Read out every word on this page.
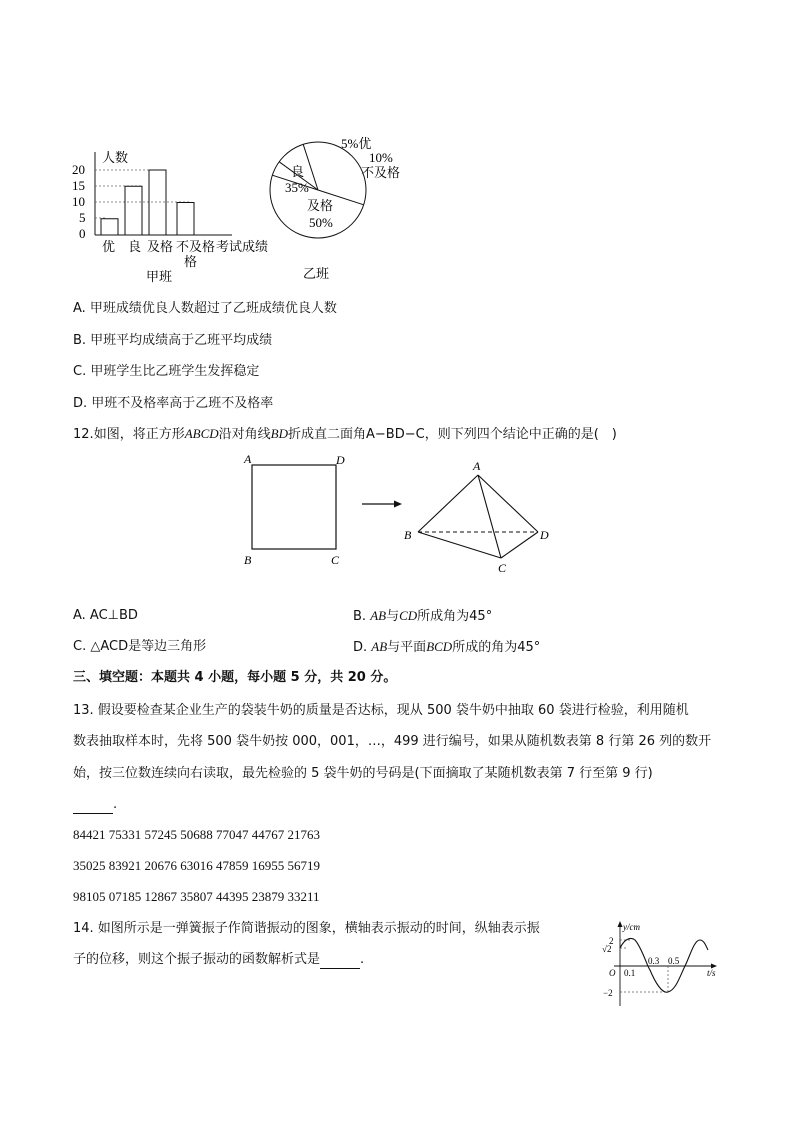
人数
20
15
10
5
0
优 良 及格 不及格 考试成绩
格
甲班
5%优
10%
不及格
良
35%
及格
50%
乙班
A. 甲班成绩优良人数超过了乙班成绩优良人数
B. 甲班平均成绩高于乙班平均成绩
C. 甲班学生比乙班学生发挥稳定
D. 甲班不及格率高于乙班不及格率
12.如图，将正方形ABCD沿对角线BD折成直二面角A−BD−C，则下列四个结论中正确的是(　)
A	D
B	C
A
B
C
D
A. AC⊥BD	B. AB与CD所成角为45°
C. △ACD是等边三角形	D. AB与平面BCD所成的角为45°
三、填空题：本题共 4 小题，每小题 5 分，共 20 分。
13. 假设要检查某企业生产的袋装牛奶的质量是否达标，现从 500 袋牛奶中抽取 60 袋进行检验，利用随机
数表抽取样本时，先将 500 袋牛奶按 000，001，…，499 进行编号，如果从随机数表第 8 行第 26 列的数开
始，按三位数连续向右读取，最先检验的 5 袋牛奶的号码是(下面摘取了某随机数表第 7 行至第 9 行)
.
84421 75331 57245 50688 77047 44767 21763
35025 83921 20676 63016 47859 16955 56719
98105 07185 12867 35807 44395 23879 33211
14. 如图所示是一弹簧振子作简谐振动的图象，横轴表示振动的时间，纵轴表示振
子的位移，则这个振子振动的函数解析式是	.
y/cm
t/s
2
√2
−2
O 0.1
0.3 0.5
